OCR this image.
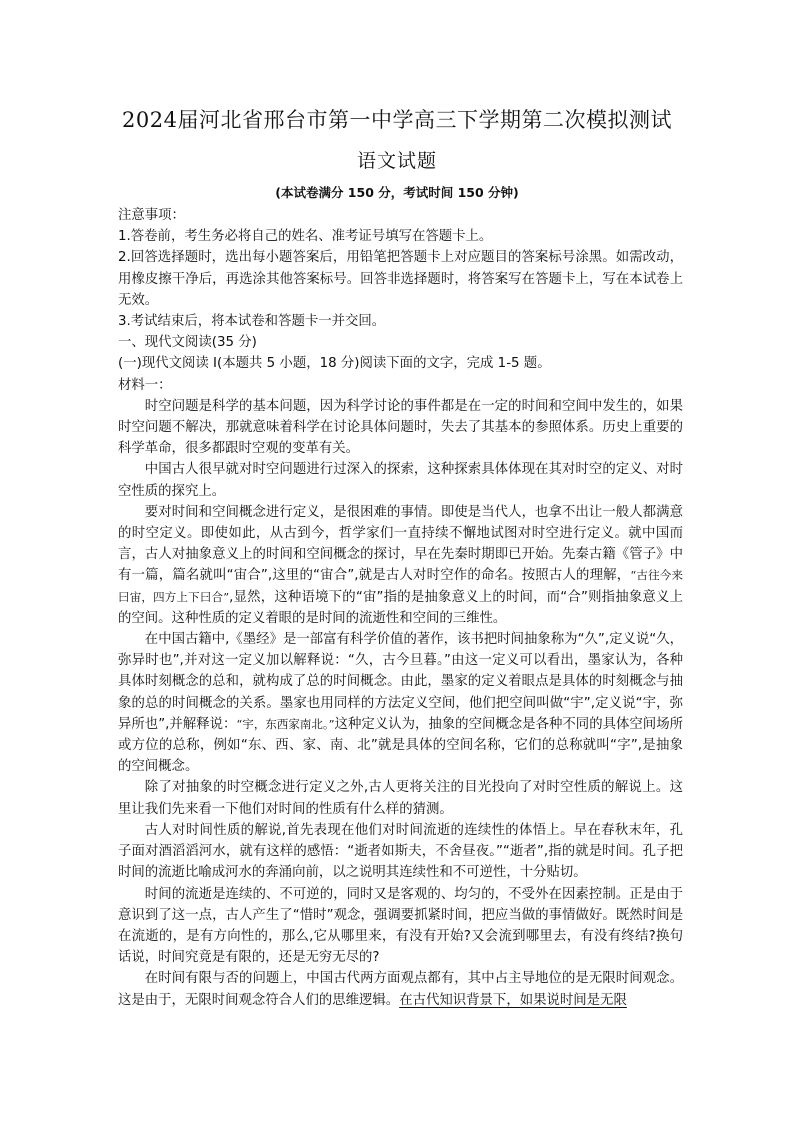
2024届河北省邢台市第一中学高三下学期第二次模拟测试
语文试题
(本试卷满分 150 分，考试时间 150 分钟)

注意事项：

1.答卷前，考生务必将自己的姓名、准考证号填写在答题卡上。

2.回答选择题时，选出每小题答案后，用铅笔把答题卡上对应题目的答案标号涂黑。如需改动，用橡皮擦干净后，再选涂其他答案标号。回答非选择题时，将答案写在答题卡上，写在本试卷上无效。

3.考试结束后，将本试卷和答题卡一并交回。

一、现代文阅读(35 分)

(一)现代文阅读 I(本题共 5 小题，18 分)阅读下面的文字，完成 1-5 题。

材料一：

时空问题是科学的基本问题，因为科学讨论的事件都是在一定的时间和空间中发生的，如果时空问题不解决，那就意味着科学在讨论具体问题时，失去了其基本的参照体系。历史上重要的科学革命，很多都跟时空观的变革有关。

中国古人很早就对时空问题进行过深入的探索，这种探索具体体现在其对时空的定义、对时空性质的探究上。

要对时间和空间概念进行定义，是很困难的事情。即使是当代人，也拿不出让一般人都满意的时空定义。即使如此，从古到今，哲学家们一直持续不懈地试图对时空进行定义。就中国而言，古人对抽象意义上的时间和空间概念的探讨，早在先秦时期即已开始。先秦古籍《管子》中有一篇，篇名就叫“宙合”,这里的“宙合”,就是古人对时空作的命名。按照古人的理解，“古往今来曰宙，四方上下曰合”,显然，这种语境下的“宙”指的是抽象意义上的时间，而“合”则指抽象意义上的空间。这种性质的定义着眼的是时间的流逝性和空间的三维性。

在中国古籍中,《墨经》是一部富有科学价值的著作，该书把时间抽象称为“久”,定义说“久，弥异时也”,并对这一定义加以解释说：“久，古今旦暮。”由这一定义可以看出，墨家认为，各种具体时刻概念的总和，就构成了总的时间概念。由此，墨家的定义着眼点是具体的时刻概念与抽象的总的时间概念的关系。墨家也用同样的方法定义空间，他们把空间叫做“宇”,定义说“宇，弥异所也”,并解释说：“宇，东西家南北。”这种定义认为，抽象的空间概念是各种不同的具体空间场所或方位的总称，例如“东、西、家、南、北”就是具体的空间名称，它们的总称就叫“字”,是抽象的空间概念。

除了对抽象的时空概念进行定义之外,古人更将关注的目光投向了对时空性质的解说上。这里让我们先来看一下他们对时间的性质有什么样的猜测。

古人对时间性质的解说,首先表现在他们对时间流逝的连续性的体悟上。早在春秋末年，孔子面对酒滔滔河水，就有这样的感悟：“逝者如斯夫，不舍昼夜。”“逝者”,指的就是时间。孔子把时间的流逝比喻成河水的奔涌向前，以之说明其连续性和不可逆性，十分贴切。

时间的流逝是连续的、不可逆的，同时又是客观的、均匀的，不受外在因素控制。正是由于意识到了这一点，古人产生了“惜时”观念，强调要抓紧时间，把应当做的事情做好。既然时间是在流逝的，是有方向性的，那么,它从哪里来，有没有开始?又会流到哪里去，有没有终结?换句话说，时间究竟是有限的，还是无穷无尽的?

在时间有限与否的问题上，中国古代两方面观点都有，其中占主导地位的是无限时间观念。这是由于，无限时间观念符合人们的思维逻辑。在古代知识背景下，如果说时间是无限
